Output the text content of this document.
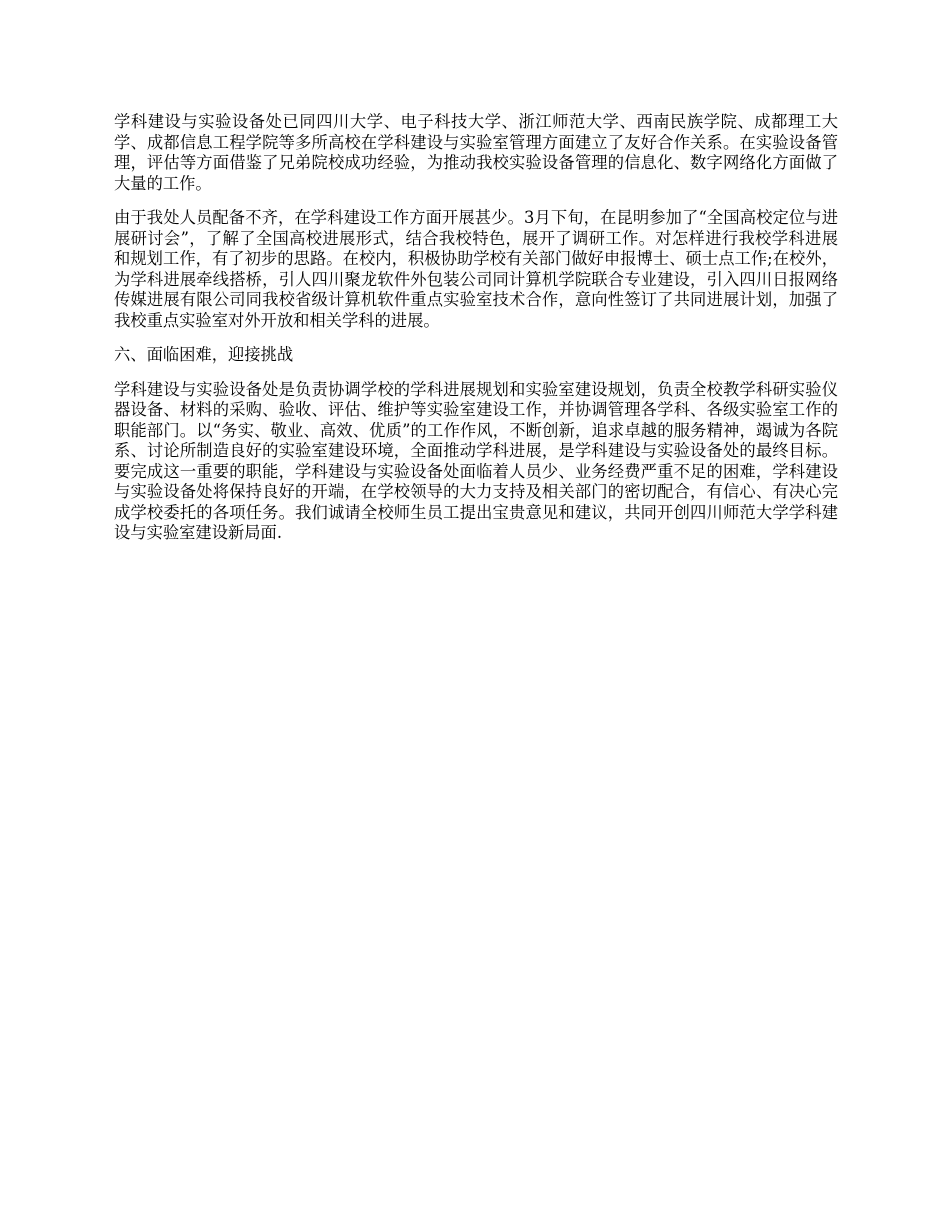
学科建设与实验设备处已同四川大学、电子科技大学、浙江师范大学、西南民族学院、成都理工大学、成都信息工程学院等多所高校在学科建设与实验室管理方面建立了友好合作关系。在实验设备管理，评估等方面借鉴了兄弟院校成功经验，为推动我校实验设备管理的信息化、数字网络化方面做了大量的工作。

由于我处人员配备不齐，在学科建设工作方面开展甚少。3月下旬，在昆明参加了“全国高校定位与进展研讨会”，了解了全国高校进展形式，结合我校特色，展开了调研工作。对怎样进行我校学科进展和规划工作，有了初步的思路。在校内，积极协助学校有关部门做好申报博士、硕士点工作;在校外，为学科进展牵线搭桥，引人四川聚龙软件外包装公司同计算机学院联合专业建设，引入四川日报网络传媒进展有限公司同我校省级计算机软件重点实验室技术合作，意向性签订了共同进展计划，加强了我校重点实验室对外开放和相关学科的进展。

六、面临困难，迎接挑战

学科建设与实验设备处是负责协调学校的学科进展规划和实验室建设规划，负责全校教学科研实验仪器设备、材料的采购、验收、评估、维护等实验室建设工作，并协调管理各学科、各级实验室工作的职能部门。以“务实、敬业、高效、优质”的工作作风，不断创新，追求卓越的服务精神，竭诚为各院系、讨论所制造良好的实验室建设环境，全面推动学科进展，是学科建设与实验设备处的最终目标。要完成这一重要的职能，学科建设与实验设备处面临着人员少、业务经费严重不足的困难，学科建设与实验设备处将保持良好的开端，在学校领导的大力支持及相关部门的密切配合，有信心、有决心完成学校委托的各项任务。我们诚请全校师生员工提出宝贵意见和建议，共同开创四川师范大学学科建设与实验室建设新局面.
